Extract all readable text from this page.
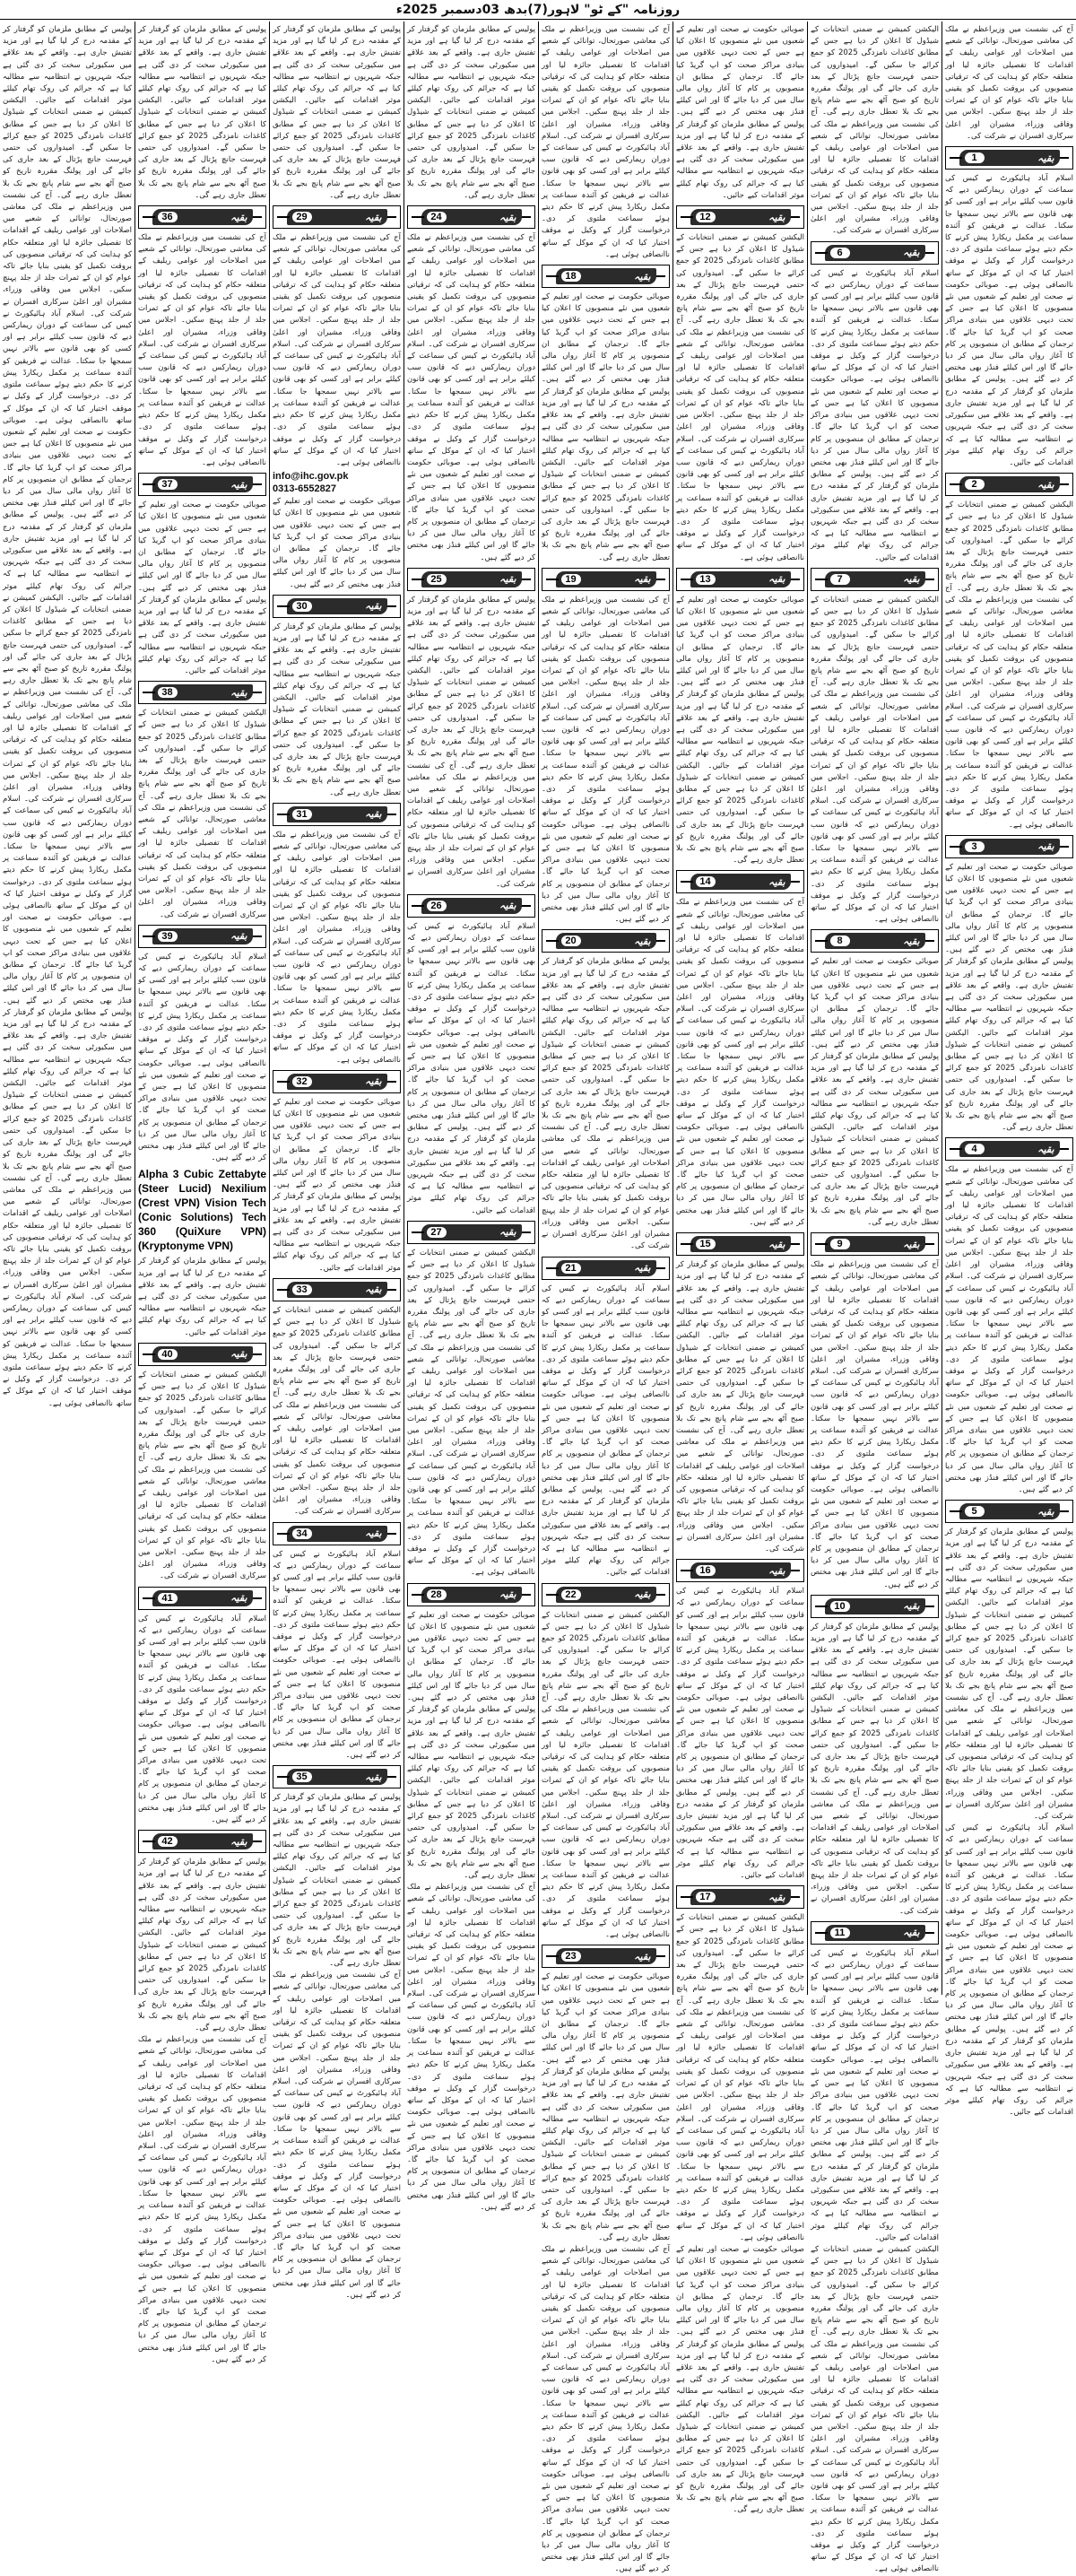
روزنامہ "کے ٹو" لاہور(7)بدھ 03دسمبر 2025ء
آج کی نشست میں وزیراعظم نے ملک کی معاشی صورتحال، توانائی کے شعبے میں اصلاحات اور عوامی ریلیف کے اقدامات کا تفصیلی جائزہ لیا اور متعلقہ حکام کو ہدایت کی کہ ترقیاتی منصوبوں کی بروقت تکمیل کو یقینی بنایا جائے تاکہ عوام کو ان کے ثمرات جلد از جلد پہنچ سکیں۔ اجلاس میں وفاقی وزراء، مشیران اور اعلیٰ سرکاری افسران نے شرکت کی۔
1	بقیہ
اسلام آباد ہائیکورٹ نے کیس کی سماعت کے دوران ریمارکس دیے کہ قانون سب کیلئے برابر ہے اور کسی کو بھی قانون سے بالاتر نہیں سمجھا جا سکتا۔ عدالت نے فریقین کو آئندہ سماعت پر مکمل ریکارڈ پیش کرنے کا حکم دیتے ہوئے سماعت ملتوی کر دی۔ درخواست گزار کے وکیل نے موقف اختیار کیا کہ ان کے موکل کے ساتھ ناانصافی ہوئی ہے۔ صوبائی حکومت نے صحت اور تعلیم کے شعبوں میں نئے منصوبوں کا اعلان کیا ہے جس کے تحت دیہی علاقوں میں بنیادی مراکز صحت کو اپ گریڈ کیا جائے گا۔ ترجمان کے مطابق ان منصوبوں پر کام کا آغاز رواں مالی سال میں کر دیا جائے گا اور اس کیلئے فنڈز بھی مختص کر دیے گئے ہیں۔ پولیس کے مطابق ملزمان کو گرفتار کر کے مقدمہ درج کر لیا گیا ہے اور مزید تفتیش جاری ہے۔ واقعے کے بعد علاقے میں سکیورٹی سخت کر دی گئی ہے جبکہ شہریوں نے انتظامیہ سے مطالبہ کیا ہے کہ جرائم کی روک تھام کیلئے موثر اقدامات کیے جائیں۔
2	بقیہ
الیکشن کمیشن نے ضمنی انتخابات کے شیڈول کا اعلان کر دیا ہے جس کے مطابق کاغذات نامزدگی 2025 کو جمع کرائے جا سکیں گے۔ امیدواروں کی حتمی فہرست جانچ پڑتال کے بعد جاری کی جائے گی اور پولنگ مقررہ تاریخ کو صبح آٹھ بجے سے شام پانچ بجے تک بلا تعطل جاری رہے گی۔ آج کی نشست میں وزیراعظم نے ملک کی معاشی صورتحال، توانائی کے شعبے میں اصلاحات اور عوامی ریلیف کے اقدامات کا تفصیلی جائزہ لیا اور متعلقہ حکام کو ہدایت کی کہ ترقیاتی منصوبوں کی بروقت تکمیل کو یقینی بنایا جائے تاکہ عوام کو ان کے ثمرات جلد از جلد پہنچ سکیں۔ اجلاس میں وفاقی وزراء، مشیران اور اعلیٰ سرکاری افسران نے شرکت کی۔ اسلام آباد ہائیکورٹ نے کیس کی سماعت کے دوران ریمارکس دیے کہ قانون سب کیلئے برابر ہے اور کسی کو بھی قانون سے بالاتر نہیں سمجھا جا سکتا۔ عدالت نے فریقین کو آئندہ سماعت پر مکمل ریکارڈ پیش کرنے کا حکم دیتے ہوئے سماعت ملتوی کر دی۔ درخواست گزار کے وکیل نے موقف اختیار کیا کہ ان کے موکل کے ساتھ ناانصافی ہوئی ہے۔
3	بقیہ
صوبائی حکومت نے صحت اور تعلیم کے شعبوں میں نئے منصوبوں کا اعلان کیا ہے جس کے تحت دیہی علاقوں میں بنیادی مراکز صحت کو اپ گریڈ کیا جائے گا۔ ترجمان کے مطابق ان منصوبوں پر کام کا آغاز رواں مالی سال میں کر دیا جائے گا اور اس کیلئے فنڈز بھی مختص کر دیے گئے ہیں۔ پولیس کے مطابق ملزمان کو گرفتار کر کے مقدمہ درج کر لیا گیا ہے اور مزید تفتیش جاری ہے۔ واقعے کے بعد علاقے میں سکیورٹی سخت کر دی گئی ہے جبکہ شہریوں نے انتظامیہ سے مطالبہ کیا ہے کہ جرائم کی روک تھام کیلئے موثر اقدامات کیے جائیں۔ الیکشن کمیشن نے ضمنی انتخابات کے شیڈول کا اعلان کر دیا ہے جس کے مطابق کاغذات نامزدگی 2025 کو جمع کرائے جا سکیں گے۔ امیدواروں کی حتمی فہرست جانچ پڑتال کے بعد جاری کی جائے گی اور پولنگ مقررہ تاریخ کو صبح آٹھ بجے سے شام پانچ بجے تک بلا تعطل جاری رہے گی۔
4	بقیہ
آج کی نشست میں وزیراعظم نے ملک کی معاشی صورتحال، توانائی کے شعبے میں اصلاحات اور عوامی ریلیف کے اقدامات کا تفصیلی جائزہ لیا اور متعلقہ حکام کو ہدایت کی کہ ترقیاتی منصوبوں کی بروقت تکمیل کو یقینی بنایا جائے تاکہ عوام کو ان کے ثمرات جلد از جلد پہنچ سکیں۔ اجلاس میں وفاقی وزراء، مشیران اور اعلیٰ سرکاری افسران نے شرکت کی۔ اسلام آباد ہائیکورٹ نے کیس کی سماعت کے دوران ریمارکس دیے کہ قانون سب کیلئے برابر ہے اور کسی کو بھی قانون سے بالاتر نہیں سمجھا جا سکتا۔ عدالت نے فریقین کو آئندہ سماعت پر مکمل ریکارڈ پیش کرنے کا حکم دیتے ہوئے سماعت ملتوی کر دی۔ درخواست گزار کے وکیل نے موقف اختیار کیا کہ ان کے موکل کے ساتھ ناانصافی ہوئی ہے۔ صوبائی حکومت نے صحت اور تعلیم کے شعبوں میں نئے منصوبوں کا اعلان کیا ہے جس کے تحت دیہی علاقوں میں بنیادی مراکز صحت کو اپ گریڈ کیا جائے گا۔ ترجمان کے مطابق ان منصوبوں پر کام کا آغاز رواں مالی سال میں کر دیا جائے گا اور اس کیلئے فنڈز بھی مختص کر دیے گئے ہیں۔
5	بقیہ
پولیس کے مطابق ملزمان کو گرفتار کر کے مقدمہ درج کر لیا گیا ہے اور مزید تفتیش جاری ہے۔ واقعے کے بعد علاقے میں سکیورٹی سخت کر دی گئی ہے جبکہ شہریوں نے انتظامیہ سے مطالبہ کیا ہے کہ جرائم کی روک تھام کیلئے موثر اقدامات کیے جائیں۔ الیکشن کمیشن نے ضمنی انتخابات کے شیڈول کا اعلان کر دیا ہے جس کے مطابق کاغذات نامزدگی 2025 کو جمع کرائے جا سکیں گے۔ امیدواروں کی حتمی فہرست جانچ پڑتال کے بعد جاری کی جائے گی اور پولنگ مقررہ تاریخ کو صبح آٹھ بجے سے شام پانچ بجے تک بلا تعطل جاری رہے گی۔ آج کی نشست میں وزیراعظم نے ملک کی معاشی صورتحال، توانائی کے شعبے میں اصلاحات اور عوامی ریلیف کے اقدامات کا تفصیلی جائزہ لیا اور متعلقہ حکام کو ہدایت کی کہ ترقیاتی منصوبوں کی بروقت تکمیل کو یقینی بنایا جائے تاکہ عوام کو ان کے ثمرات جلد از جلد پہنچ سکیں۔ اجلاس میں وفاقی وزراء، مشیران اور اعلیٰ سرکاری افسران نے شرکت کی۔
اسلام آباد ہائیکورٹ نے کیس کی سماعت کے دوران ریمارکس دیے کہ قانون سب کیلئے برابر ہے اور کسی کو بھی قانون سے بالاتر نہیں سمجھا جا سکتا۔ عدالت نے فریقین کو آئندہ سماعت پر مکمل ریکارڈ پیش کرنے کا حکم دیتے ہوئے سماعت ملتوی کر دی۔ درخواست گزار کے وکیل نے موقف اختیار کیا کہ ان کے موکل کے ساتھ ناانصافی ہوئی ہے۔ صوبائی حکومت نے صحت اور تعلیم کے شعبوں میں نئے منصوبوں کا اعلان کیا ہے جس کے تحت دیہی علاقوں میں بنیادی مراکز صحت کو اپ گریڈ کیا جائے گا۔ ترجمان کے مطابق ان منصوبوں پر کام کا آغاز رواں مالی سال میں کر دیا جائے گا اور اس کیلئے فنڈز بھی مختص کر دیے گئے ہیں۔ پولیس کے مطابق ملزمان کو گرفتار کر کے مقدمہ درج کر لیا گیا ہے اور مزید تفتیش جاری ہے۔ واقعے کے بعد علاقے میں سکیورٹی سخت کر دی گئی ہے جبکہ شہریوں نے انتظامیہ سے مطالبہ کیا ہے کہ جرائم کی روک تھام کیلئے موثر اقدامات کیے جائیں۔
الیکشن کمیشن نے ضمنی انتخابات کے شیڈول کا اعلان کر دیا ہے جس کے مطابق کاغذات نامزدگی 2025 کو جمع کرائے جا سکیں گے۔ امیدواروں کی حتمی فہرست جانچ پڑتال کے بعد جاری کی جائے گی اور پولنگ مقررہ تاریخ کو صبح آٹھ بجے سے شام پانچ بجے تک بلا تعطل جاری رہے گی۔ آج کی نشست میں وزیراعظم نے ملک کی معاشی صورتحال، توانائی کے شعبے میں اصلاحات اور عوامی ریلیف کے اقدامات کا تفصیلی جائزہ لیا اور متعلقہ حکام کو ہدایت کی کہ ترقیاتی منصوبوں کی بروقت تکمیل کو یقینی بنایا جائے تاکہ عوام کو ان کے ثمرات جلد از جلد پہنچ سکیں۔ اجلاس میں وفاقی وزراء، مشیران اور اعلیٰ سرکاری افسران نے شرکت کی۔
6	بقیہ
اسلام آباد ہائیکورٹ نے کیس کی سماعت کے دوران ریمارکس دیے کہ قانون سب کیلئے برابر ہے اور کسی کو بھی قانون سے بالاتر نہیں سمجھا جا سکتا۔ عدالت نے فریقین کو آئندہ سماعت پر مکمل ریکارڈ پیش کرنے کا حکم دیتے ہوئے سماعت ملتوی کر دی۔ درخواست گزار کے وکیل نے موقف اختیار کیا کہ ان کے موکل کے ساتھ ناانصافی ہوئی ہے۔ صوبائی حکومت نے صحت اور تعلیم کے شعبوں میں نئے منصوبوں کا اعلان کیا ہے جس کے تحت دیہی علاقوں میں بنیادی مراکز صحت کو اپ گریڈ کیا جائے گا۔ ترجمان کے مطابق ان منصوبوں پر کام کا آغاز رواں مالی سال میں کر دیا جائے گا اور اس کیلئے فنڈز بھی مختص کر دیے گئے ہیں۔ پولیس کے مطابق ملزمان کو گرفتار کر کے مقدمہ درج کر لیا گیا ہے اور مزید تفتیش جاری ہے۔ واقعے کے بعد علاقے میں سکیورٹی سخت کر دی گئی ہے جبکہ شہریوں نے انتظامیہ سے مطالبہ کیا ہے کہ جرائم کی روک تھام کیلئے موثر اقدامات کیے جائیں۔
7	بقیہ
الیکشن کمیشن نے ضمنی انتخابات کے شیڈول کا اعلان کر دیا ہے جس کے مطابق کاغذات نامزدگی 2025 کو جمع کرائے جا سکیں گے۔ امیدواروں کی حتمی فہرست جانچ پڑتال کے بعد جاری کی جائے گی اور پولنگ مقررہ تاریخ کو صبح آٹھ بجے سے شام پانچ بجے تک بلا تعطل جاری رہے گی۔ آج کی نشست میں وزیراعظم نے ملک کی معاشی صورتحال، توانائی کے شعبے میں اصلاحات اور عوامی ریلیف کے اقدامات کا تفصیلی جائزہ لیا اور متعلقہ حکام کو ہدایت کی کہ ترقیاتی منصوبوں کی بروقت تکمیل کو یقینی بنایا جائے تاکہ عوام کو ان کے ثمرات جلد از جلد پہنچ سکیں۔ اجلاس میں وفاقی وزراء، مشیران اور اعلیٰ سرکاری افسران نے شرکت کی۔ اسلام آباد ہائیکورٹ نے کیس کی سماعت کے دوران ریمارکس دیے کہ قانون سب کیلئے برابر ہے اور کسی کو بھی قانون سے بالاتر نہیں سمجھا جا سکتا۔ عدالت نے فریقین کو آئندہ سماعت پر مکمل ریکارڈ پیش کرنے کا حکم دیتے ہوئے سماعت ملتوی کر دی۔ درخواست گزار کے وکیل نے موقف اختیار کیا کہ ان کے موکل کے ساتھ ناانصافی ہوئی ہے۔
8	بقیہ
صوبائی حکومت نے صحت اور تعلیم کے شعبوں میں نئے منصوبوں کا اعلان کیا ہے جس کے تحت دیہی علاقوں میں بنیادی مراکز صحت کو اپ گریڈ کیا جائے گا۔ ترجمان کے مطابق ان منصوبوں پر کام کا آغاز رواں مالی سال میں کر دیا جائے گا اور اس کیلئے فنڈز بھی مختص کر دیے گئے ہیں۔ پولیس کے مطابق ملزمان کو گرفتار کر کے مقدمہ درج کر لیا گیا ہے اور مزید تفتیش جاری ہے۔ واقعے کے بعد علاقے میں سکیورٹی سخت کر دی گئی ہے جبکہ شہریوں نے انتظامیہ سے مطالبہ کیا ہے کہ جرائم کی روک تھام کیلئے موثر اقدامات کیے جائیں۔ الیکشن کمیشن نے ضمنی انتخابات کے شیڈول کا اعلان کر دیا ہے جس کے مطابق کاغذات نامزدگی 2025 کو جمع کرائے جا سکیں گے۔ امیدواروں کی حتمی فہرست جانچ پڑتال کے بعد جاری کی جائے گی اور پولنگ مقررہ تاریخ کو صبح آٹھ بجے سے شام پانچ بجے تک بلا تعطل جاری رہے گی۔
9	بقیہ
آج کی نشست میں وزیراعظم نے ملک کی معاشی صورتحال، توانائی کے شعبے میں اصلاحات اور عوامی ریلیف کے اقدامات کا تفصیلی جائزہ لیا اور متعلقہ حکام کو ہدایت کی کہ ترقیاتی منصوبوں کی بروقت تکمیل کو یقینی بنایا جائے تاکہ عوام کو ان کے ثمرات جلد از جلد پہنچ سکیں۔ اجلاس میں وفاقی وزراء، مشیران اور اعلیٰ سرکاری افسران نے شرکت کی۔ اسلام آباد ہائیکورٹ نے کیس کی سماعت کے دوران ریمارکس دیے کہ قانون سب کیلئے برابر ہے اور کسی کو بھی قانون سے بالاتر نہیں سمجھا جا سکتا۔ عدالت نے فریقین کو آئندہ سماعت پر مکمل ریکارڈ پیش کرنے کا حکم دیتے ہوئے سماعت ملتوی کر دی۔ درخواست گزار کے وکیل نے موقف اختیار کیا کہ ان کے موکل کے ساتھ ناانصافی ہوئی ہے۔ صوبائی حکومت نے صحت اور تعلیم کے شعبوں میں نئے منصوبوں کا اعلان کیا ہے جس کے تحت دیہی علاقوں میں بنیادی مراکز صحت کو اپ گریڈ کیا جائے گا۔ ترجمان کے مطابق ان منصوبوں پر کام کا آغاز رواں مالی سال میں کر دیا جائے گا اور اس کیلئے فنڈز بھی مختص کر دیے گئے ہیں۔
10	بقیہ
پولیس کے مطابق ملزمان کو گرفتار کر کے مقدمہ درج کر لیا گیا ہے اور مزید تفتیش جاری ہے۔ واقعے کے بعد علاقے میں سکیورٹی سخت کر دی گئی ہے جبکہ شہریوں نے انتظامیہ سے مطالبہ کیا ہے کہ جرائم کی روک تھام کیلئے موثر اقدامات کیے جائیں۔ الیکشن کمیشن نے ضمنی انتخابات کے شیڈول کا اعلان کر دیا ہے جس کے مطابق کاغذات نامزدگی 2025 کو جمع کرائے جا سکیں گے۔ امیدواروں کی حتمی فہرست جانچ پڑتال کے بعد جاری کی جائے گی اور پولنگ مقررہ تاریخ کو صبح آٹھ بجے سے شام پانچ بجے تک بلا تعطل جاری رہے گی۔ آج کی نشست میں وزیراعظم نے ملک کی معاشی صورتحال، توانائی کے شعبے میں اصلاحات اور عوامی ریلیف کے اقدامات کا تفصیلی جائزہ لیا اور متعلقہ حکام کو ہدایت کی کہ ترقیاتی منصوبوں کی بروقت تکمیل کو یقینی بنایا جائے تاکہ عوام کو ان کے ثمرات جلد از جلد پہنچ سکیں۔ اجلاس میں وفاقی وزراء، مشیران اور اعلیٰ سرکاری افسران نے شرکت کی۔
11	بقیہ
اسلام آباد ہائیکورٹ نے کیس کی سماعت کے دوران ریمارکس دیے کہ قانون سب کیلئے برابر ہے اور کسی کو بھی قانون سے بالاتر نہیں سمجھا جا سکتا۔ عدالت نے فریقین کو آئندہ سماعت پر مکمل ریکارڈ پیش کرنے کا حکم دیتے ہوئے سماعت ملتوی کر دی۔ درخواست گزار کے وکیل نے موقف اختیار کیا کہ ان کے موکل کے ساتھ ناانصافی ہوئی ہے۔ صوبائی حکومت نے صحت اور تعلیم کے شعبوں میں نئے منصوبوں کا اعلان کیا ہے جس کے تحت دیہی علاقوں میں بنیادی مراکز صحت کو اپ گریڈ کیا جائے گا۔ ترجمان کے مطابق ان منصوبوں پر کام کا آغاز رواں مالی سال میں کر دیا جائے گا اور اس کیلئے فنڈز بھی مختص کر دیے گئے ہیں۔ پولیس کے مطابق ملزمان کو گرفتار کر کے مقدمہ درج کر لیا گیا ہے اور مزید تفتیش جاری ہے۔ واقعے کے بعد علاقے میں سکیورٹی سخت کر دی گئی ہے جبکہ شہریوں نے انتظامیہ سے مطالبہ کیا ہے کہ جرائم کی روک تھام کیلئے موثر اقدامات کیے جائیں۔
الیکشن کمیشن نے ضمنی انتخابات کے شیڈول کا اعلان کر دیا ہے جس کے مطابق کاغذات نامزدگی 2025 کو جمع کرائے جا سکیں گے۔ امیدواروں کی حتمی فہرست جانچ پڑتال کے بعد جاری کی جائے گی اور پولنگ مقررہ تاریخ کو صبح آٹھ بجے سے شام پانچ بجے تک بلا تعطل جاری رہے گی۔ آج کی نشست میں وزیراعظم نے ملک کی معاشی صورتحال، توانائی کے شعبے میں اصلاحات اور عوامی ریلیف کے اقدامات کا تفصیلی جائزہ لیا اور متعلقہ حکام کو ہدایت کی کہ ترقیاتی منصوبوں کی بروقت تکمیل کو یقینی بنایا جائے تاکہ عوام کو ان کے ثمرات جلد از جلد پہنچ سکیں۔ اجلاس میں وفاقی وزراء، مشیران اور اعلیٰ سرکاری افسران نے شرکت کی۔ اسلام آباد ہائیکورٹ نے کیس کی سماعت کے دوران ریمارکس دیے کہ قانون سب کیلئے برابر ہے اور کسی کو بھی قانون سے بالاتر نہیں سمجھا جا سکتا۔ عدالت نے فریقین کو آئندہ سماعت پر مکمل ریکارڈ پیش کرنے کا حکم دیتے ہوئے سماعت ملتوی کر دی۔ درخواست گزار کے وکیل نے موقف اختیار کیا کہ ان کے موکل کے ساتھ ناانصافی ہوئی ہے۔
صوبائی حکومت نے صحت اور تعلیم کے شعبوں میں نئے منصوبوں کا اعلان کیا ہے جس کے تحت دیہی علاقوں میں بنیادی مراکز صحت کو اپ گریڈ کیا جائے گا۔ ترجمان کے مطابق ان منصوبوں پر کام کا آغاز رواں مالی سال میں کر دیا جائے گا اور اس کیلئے فنڈز بھی مختص کر دیے گئے ہیں۔ پولیس کے مطابق ملزمان کو گرفتار کر کے مقدمہ درج کر لیا گیا ہے اور مزید تفتیش جاری ہے۔ واقعے کے بعد علاقے میں سکیورٹی سخت کر دی گئی ہے جبکہ شہریوں نے انتظامیہ سے مطالبہ کیا ہے کہ جرائم کی روک تھام کیلئے موثر اقدامات کیے جائیں۔
12	بقیہ
الیکشن کمیشن نے ضمنی انتخابات کے شیڈول کا اعلان کر دیا ہے جس کے مطابق کاغذات نامزدگی 2025 کو جمع کرائے جا سکیں گے۔ امیدواروں کی حتمی فہرست جانچ پڑتال کے بعد جاری کی جائے گی اور پولنگ مقررہ تاریخ کو صبح آٹھ بجے سے شام پانچ بجے تک بلا تعطل جاری رہے گی۔ آج کی نشست میں وزیراعظم نے ملک کی معاشی صورتحال، توانائی کے شعبے میں اصلاحات اور عوامی ریلیف کے اقدامات کا تفصیلی جائزہ لیا اور متعلقہ حکام کو ہدایت کی کہ ترقیاتی منصوبوں کی بروقت تکمیل کو یقینی بنایا جائے تاکہ عوام کو ان کے ثمرات جلد از جلد پہنچ سکیں۔ اجلاس میں وفاقی وزراء، مشیران اور اعلیٰ سرکاری افسران نے شرکت کی۔ اسلام آباد ہائیکورٹ نے کیس کی سماعت کے دوران ریمارکس دیے کہ قانون سب کیلئے برابر ہے اور کسی کو بھی قانون سے بالاتر نہیں سمجھا جا سکتا۔ عدالت نے فریقین کو آئندہ سماعت پر مکمل ریکارڈ پیش کرنے کا حکم دیتے ہوئے سماعت ملتوی کر دی۔ درخواست گزار کے وکیل نے موقف اختیار کیا کہ ان کے موکل کے ساتھ ناانصافی ہوئی ہے۔
13	بقیہ
صوبائی حکومت نے صحت اور تعلیم کے شعبوں میں نئے منصوبوں کا اعلان کیا ہے جس کے تحت دیہی علاقوں میں بنیادی مراکز صحت کو اپ گریڈ کیا جائے گا۔ ترجمان کے مطابق ان منصوبوں پر کام کا آغاز رواں مالی سال میں کر دیا جائے گا اور اس کیلئے فنڈز بھی مختص کر دیے گئے ہیں۔ پولیس کے مطابق ملزمان کو گرفتار کر کے مقدمہ درج کر لیا گیا ہے اور مزید تفتیش جاری ہے۔ واقعے کے بعد علاقے میں سکیورٹی سخت کر دی گئی ہے جبکہ شہریوں نے انتظامیہ سے مطالبہ کیا ہے کہ جرائم کی روک تھام کیلئے موثر اقدامات کیے جائیں۔ الیکشن کمیشن نے ضمنی انتخابات کے شیڈول کا اعلان کر دیا ہے جس کے مطابق کاغذات نامزدگی 2025 کو جمع کرائے جا سکیں گے۔ امیدواروں کی حتمی فہرست جانچ پڑتال کے بعد جاری کی جائے گی اور پولنگ مقررہ تاریخ کو صبح آٹھ بجے سے شام پانچ بجے تک بلا تعطل جاری رہے گی۔
14	بقیہ
آج کی نشست میں وزیراعظم نے ملک کی معاشی صورتحال، توانائی کے شعبے میں اصلاحات اور عوامی ریلیف کے اقدامات کا تفصیلی جائزہ لیا اور متعلقہ حکام کو ہدایت کی کہ ترقیاتی منصوبوں کی بروقت تکمیل کو یقینی بنایا جائے تاکہ عوام کو ان کے ثمرات جلد از جلد پہنچ سکیں۔ اجلاس میں وفاقی وزراء، مشیران اور اعلیٰ سرکاری افسران نے شرکت کی۔ اسلام آباد ہائیکورٹ نے کیس کی سماعت کے دوران ریمارکس دیے کہ قانون سب کیلئے برابر ہے اور کسی کو بھی قانون سے بالاتر نہیں سمجھا جا سکتا۔ عدالت نے فریقین کو آئندہ سماعت پر مکمل ریکارڈ پیش کرنے کا حکم دیتے ہوئے سماعت ملتوی کر دی۔ درخواست گزار کے وکیل نے موقف اختیار کیا کہ ان کے موکل کے ساتھ ناانصافی ہوئی ہے۔ صوبائی حکومت نے صحت اور تعلیم کے شعبوں میں نئے منصوبوں کا اعلان کیا ہے جس کے تحت دیہی علاقوں میں بنیادی مراکز صحت کو اپ گریڈ کیا جائے گا۔ ترجمان کے مطابق ان منصوبوں پر کام کا آغاز رواں مالی سال میں کر دیا جائے گا اور اس کیلئے فنڈز بھی مختص کر دیے گئے ہیں۔
15	بقیہ
پولیس کے مطابق ملزمان کو گرفتار کر کے مقدمہ درج کر لیا گیا ہے اور مزید تفتیش جاری ہے۔ واقعے کے بعد علاقے میں سکیورٹی سخت کر دی گئی ہے جبکہ شہریوں نے انتظامیہ سے مطالبہ کیا ہے کہ جرائم کی روک تھام کیلئے موثر اقدامات کیے جائیں۔ الیکشن کمیشن نے ضمنی انتخابات کے شیڈول کا اعلان کر دیا ہے جس کے مطابق کاغذات نامزدگی 2025 کو جمع کرائے جا سکیں گے۔ امیدواروں کی حتمی فہرست جانچ پڑتال کے بعد جاری کی جائے گی اور پولنگ مقررہ تاریخ کو صبح آٹھ بجے سے شام پانچ بجے تک بلا تعطل جاری رہے گی۔ آج کی نشست میں وزیراعظم نے ملک کی معاشی صورتحال، توانائی کے شعبے میں اصلاحات اور عوامی ریلیف کے اقدامات کا تفصیلی جائزہ لیا اور متعلقہ حکام کو ہدایت کی کہ ترقیاتی منصوبوں کی بروقت تکمیل کو یقینی بنایا جائے تاکہ عوام کو ان کے ثمرات جلد از جلد پہنچ سکیں۔ اجلاس میں وفاقی وزراء، مشیران اور اعلیٰ سرکاری افسران نے شرکت کی۔
16	بقیہ
اسلام آباد ہائیکورٹ نے کیس کی سماعت کے دوران ریمارکس دیے کہ قانون سب کیلئے برابر ہے اور کسی کو بھی قانون سے بالاتر نہیں سمجھا جا سکتا۔ عدالت نے فریقین کو آئندہ سماعت پر مکمل ریکارڈ پیش کرنے کا حکم دیتے ہوئے سماعت ملتوی کر دی۔ درخواست گزار کے وکیل نے موقف اختیار کیا کہ ان کے موکل کے ساتھ ناانصافی ہوئی ہے۔ صوبائی حکومت نے صحت اور تعلیم کے شعبوں میں نئے منصوبوں کا اعلان کیا ہے جس کے تحت دیہی علاقوں میں بنیادی مراکز صحت کو اپ گریڈ کیا جائے گا۔ ترجمان کے مطابق ان منصوبوں پر کام کا آغاز رواں مالی سال میں کر دیا جائے گا اور اس کیلئے فنڈز بھی مختص کر دیے گئے ہیں۔ پولیس کے مطابق ملزمان کو گرفتار کر کے مقدمہ درج کر لیا گیا ہے اور مزید تفتیش جاری ہے۔ واقعے کے بعد علاقے میں سکیورٹی سخت کر دی گئی ہے جبکہ شہریوں نے انتظامیہ سے مطالبہ کیا ہے کہ جرائم کی روک تھام کیلئے موثر اقدامات کیے جائیں۔
17	بقیہ
الیکشن کمیشن نے ضمنی انتخابات کے شیڈول کا اعلان کر دیا ہے جس کے مطابق کاغذات نامزدگی 2025 کو جمع کرائے جا سکیں گے۔ امیدواروں کی حتمی فہرست جانچ پڑتال کے بعد جاری کی جائے گی اور پولنگ مقررہ تاریخ کو صبح آٹھ بجے سے شام پانچ بجے تک بلا تعطل جاری رہے گی۔ آج کی نشست میں وزیراعظم نے ملک کی معاشی صورتحال، توانائی کے شعبے میں اصلاحات اور عوامی ریلیف کے اقدامات کا تفصیلی جائزہ لیا اور متعلقہ حکام کو ہدایت کی کہ ترقیاتی منصوبوں کی بروقت تکمیل کو یقینی بنایا جائے تاکہ عوام کو ان کے ثمرات جلد از جلد پہنچ سکیں۔ اجلاس میں وفاقی وزراء، مشیران اور اعلیٰ سرکاری افسران نے شرکت کی۔ اسلام آباد ہائیکورٹ نے کیس کی سماعت کے دوران ریمارکس دیے کہ قانون سب کیلئے برابر ہے اور کسی کو بھی قانون سے بالاتر نہیں سمجھا جا سکتا۔ عدالت نے فریقین کو آئندہ سماعت پر مکمل ریکارڈ پیش کرنے کا حکم دیتے ہوئے سماعت ملتوی کر دی۔ درخواست گزار کے وکیل نے موقف اختیار کیا کہ ان کے موکل کے ساتھ ناانصافی ہوئی ہے۔
صوبائی حکومت نے صحت اور تعلیم کے شعبوں میں نئے منصوبوں کا اعلان کیا ہے جس کے تحت دیہی علاقوں میں بنیادی مراکز صحت کو اپ گریڈ کیا جائے گا۔ ترجمان کے مطابق ان منصوبوں پر کام کا آغاز رواں مالی سال میں کر دیا جائے گا اور اس کیلئے فنڈز بھی مختص کر دیے گئے ہیں۔ پولیس کے مطابق ملزمان کو گرفتار کر کے مقدمہ درج کر لیا گیا ہے اور مزید تفتیش جاری ہے۔ واقعے کے بعد علاقے میں سکیورٹی سخت کر دی گئی ہے جبکہ شہریوں نے انتظامیہ سے مطالبہ کیا ہے کہ جرائم کی روک تھام کیلئے موثر اقدامات کیے جائیں۔ الیکشن کمیشن نے ضمنی انتخابات کے شیڈول کا اعلان کر دیا ہے جس کے مطابق کاغذات نامزدگی 2025 کو جمع کرائے جا سکیں گے۔ امیدواروں کی حتمی فہرست جانچ پڑتال کے بعد جاری کی جائے گی اور پولنگ مقررہ تاریخ کو صبح آٹھ بجے سے شام پانچ بجے تک بلا تعطل جاری رہے گی۔
آج کی نشست میں وزیراعظم نے ملک کی معاشی صورتحال، توانائی کے شعبے میں اصلاحات اور عوامی ریلیف کے اقدامات کا تفصیلی جائزہ لیا اور متعلقہ حکام کو ہدایت کی کہ ترقیاتی منصوبوں کی بروقت تکمیل کو یقینی بنایا جائے تاکہ عوام کو ان کے ثمرات جلد از جلد پہنچ سکیں۔ اجلاس میں وفاقی وزراء، مشیران اور اعلیٰ سرکاری افسران نے شرکت کی۔ اسلام آباد ہائیکورٹ نے کیس کی سماعت کے دوران ریمارکس دیے کہ قانون سب کیلئے برابر ہے اور کسی کو بھی قانون سے بالاتر نہیں سمجھا جا سکتا۔ عدالت نے فریقین کو آئندہ سماعت پر مکمل ریکارڈ پیش کرنے کا حکم دیتے ہوئے سماعت ملتوی کر دی۔ درخواست گزار کے وکیل نے موقف اختیار کیا کہ ان کے موکل کے ساتھ ناانصافی ہوئی ہے۔
18	بقیہ
صوبائی حکومت نے صحت اور تعلیم کے شعبوں میں نئے منصوبوں کا اعلان کیا ہے جس کے تحت دیہی علاقوں میں بنیادی مراکز صحت کو اپ گریڈ کیا جائے گا۔ ترجمان کے مطابق ان منصوبوں پر کام کا آغاز رواں مالی سال میں کر دیا جائے گا اور اس کیلئے فنڈز بھی مختص کر دیے گئے ہیں۔ پولیس کے مطابق ملزمان کو گرفتار کر کے مقدمہ درج کر لیا گیا ہے اور مزید تفتیش جاری ہے۔ واقعے کے بعد علاقے میں سکیورٹی سخت کر دی گئی ہے جبکہ شہریوں نے انتظامیہ سے مطالبہ کیا ہے کہ جرائم کی روک تھام کیلئے موثر اقدامات کیے جائیں۔ الیکشن کمیشن نے ضمنی انتخابات کے شیڈول کا اعلان کر دیا ہے جس کے مطابق کاغذات نامزدگی 2025 کو جمع کرائے جا سکیں گے۔ امیدواروں کی حتمی فہرست جانچ پڑتال کے بعد جاری کی جائے گی اور پولنگ مقررہ تاریخ کو صبح آٹھ بجے سے شام پانچ بجے تک بلا تعطل جاری رہے گی۔
19	بقیہ
آج کی نشست میں وزیراعظم نے ملک کی معاشی صورتحال، توانائی کے شعبے میں اصلاحات اور عوامی ریلیف کے اقدامات کا تفصیلی جائزہ لیا اور متعلقہ حکام کو ہدایت کی کہ ترقیاتی منصوبوں کی بروقت تکمیل کو یقینی بنایا جائے تاکہ عوام کو ان کے ثمرات جلد از جلد پہنچ سکیں۔ اجلاس میں وفاقی وزراء، مشیران اور اعلیٰ سرکاری افسران نے شرکت کی۔ اسلام آباد ہائیکورٹ نے کیس کی سماعت کے دوران ریمارکس دیے کہ قانون سب کیلئے برابر ہے اور کسی کو بھی قانون سے بالاتر نہیں سمجھا جا سکتا۔ عدالت نے فریقین کو آئندہ سماعت پر مکمل ریکارڈ پیش کرنے کا حکم دیتے ہوئے سماعت ملتوی کر دی۔ درخواست گزار کے وکیل نے موقف اختیار کیا کہ ان کے موکل کے ساتھ ناانصافی ہوئی ہے۔ صوبائی حکومت نے صحت اور تعلیم کے شعبوں میں نئے منصوبوں کا اعلان کیا ہے جس کے تحت دیہی علاقوں میں بنیادی مراکز صحت کو اپ گریڈ کیا جائے گا۔ ترجمان کے مطابق ان منصوبوں پر کام کا آغاز رواں مالی سال میں کر دیا جائے گا اور اس کیلئے فنڈز بھی مختص کر دیے گئے ہیں۔
20	بقیہ
پولیس کے مطابق ملزمان کو گرفتار کر کے مقدمہ درج کر لیا گیا ہے اور مزید تفتیش جاری ہے۔ واقعے کے بعد علاقے میں سکیورٹی سخت کر دی گئی ہے جبکہ شہریوں نے انتظامیہ سے مطالبہ کیا ہے کہ جرائم کی روک تھام کیلئے موثر اقدامات کیے جائیں۔ الیکشن کمیشن نے ضمنی انتخابات کے شیڈول کا اعلان کر دیا ہے جس کے مطابق کاغذات نامزدگی 2025 کو جمع کرائے جا سکیں گے۔ امیدواروں کی حتمی فہرست جانچ پڑتال کے بعد جاری کی جائے گی اور پولنگ مقررہ تاریخ کو صبح آٹھ بجے سے شام پانچ بجے تک بلا تعطل جاری رہے گی۔ آج کی نشست میں وزیراعظم نے ملک کی معاشی صورتحال، توانائی کے شعبے میں اصلاحات اور عوامی ریلیف کے اقدامات کا تفصیلی جائزہ لیا اور متعلقہ حکام کو ہدایت کی کہ ترقیاتی منصوبوں کی بروقت تکمیل کو یقینی بنایا جائے تاکہ عوام کو ان کے ثمرات جلد از جلد پہنچ سکیں۔ اجلاس میں وفاقی وزراء، مشیران اور اعلیٰ سرکاری افسران نے شرکت کی۔
21	بقیہ
اسلام آباد ہائیکورٹ نے کیس کی سماعت کے دوران ریمارکس دیے کہ قانون سب کیلئے برابر ہے اور کسی کو بھی قانون سے بالاتر نہیں سمجھا جا سکتا۔ عدالت نے فریقین کو آئندہ سماعت پر مکمل ریکارڈ پیش کرنے کا حکم دیتے ہوئے سماعت ملتوی کر دی۔ درخواست گزار کے وکیل نے موقف اختیار کیا کہ ان کے موکل کے ساتھ ناانصافی ہوئی ہے۔ صوبائی حکومت نے صحت اور تعلیم کے شعبوں میں نئے منصوبوں کا اعلان کیا ہے جس کے تحت دیہی علاقوں میں بنیادی مراکز صحت کو اپ گریڈ کیا جائے گا۔ ترجمان کے مطابق ان منصوبوں پر کام کا آغاز رواں مالی سال میں کر دیا جائے گا اور اس کیلئے فنڈز بھی مختص کر دیے گئے ہیں۔ پولیس کے مطابق ملزمان کو گرفتار کر کے مقدمہ درج کر لیا گیا ہے اور مزید تفتیش جاری ہے۔ واقعے کے بعد علاقے میں سکیورٹی سخت کر دی گئی ہے جبکہ شہریوں نے انتظامیہ سے مطالبہ کیا ہے کہ جرائم کی روک تھام کیلئے موثر اقدامات کیے جائیں۔
22	بقیہ
الیکشن کمیشن نے ضمنی انتخابات کے شیڈول کا اعلان کر دیا ہے جس کے مطابق کاغذات نامزدگی 2025 کو جمع کرائے جا سکیں گے۔ امیدواروں کی حتمی فہرست جانچ پڑتال کے بعد جاری کی جائے گی اور پولنگ مقررہ تاریخ کو صبح آٹھ بجے سے شام پانچ بجے تک بلا تعطل جاری رہے گی۔ آج کی نشست میں وزیراعظم نے ملک کی معاشی صورتحال، توانائی کے شعبے میں اصلاحات اور عوامی ریلیف کے اقدامات کا تفصیلی جائزہ لیا اور متعلقہ حکام کو ہدایت کی کہ ترقیاتی منصوبوں کی بروقت تکمیل کو یقینی بنایا جائے تاکہ عوام کو ان کے ثمرات جلد از جلد پہنچ سکیں۔ اجلاس میں وفاقی وزراء، مشیران اور اعلیٰ سرکاری افسران نے شرکت کی۔ اسلام آباد ہائیکورٹ نے کیس کی سماعت کے دوران ریمارکس دیے کہ قانون سب کیلئے برابر ہے اور کسی کو بھی قانون سے بالاتر نہیں سمجھا جا سکتا۔ عدالت نے فریقین کو آئندہ سماعت پر مکمل ریکارڈ پیش کرنے کا حکم دیتے ہوئے سماعت ملتوی کر دی۔ درخواست گزار کے وکیل نے موقف اختیار کیا کہ ان کے موکل کے ساتھ ناانصافی ہوئی ہے۔
23	بقیہ
صوبائی حکومت نے صحت اور تعلیم کے شعبوں میں نئے منصوبوں کا اعلان کیا ہے جس کے تحت دیہی علاقوں میں بنیادی مراکز صحت کو اپ گریڈ کیا جائے گا۔ ترجمان کے مطابق ان منصوبوں پر کام کا آغاز رواں مالی سال میں کر دیا جائے گا اور اس کیلئے فنڈز بھی مختص کر دیے گئے ہیں۔ پولیس کے مطابق ملزمان کو گرفتار کر کے مقدمہ درج کر لیا گیا ہے اور مزید تفتیش جاری ہے۔ واقعے کے بعد علاقے میں سکیورٹی سخت کر دی گئی ہے جبکہ شہریوں نے انتظامیہ سے مطالبہ کیا ہے کہ جرائم کی روک تھام کیلئے موثر اقدامات کیے جائیں۔ الیکشن کمیشن نے ضمنی انتخابات کے شیڈول کا اعلان کر دیا ہے جس کے مطابق کاغذات نامزدگی 2025 کو جمع کرائے جا سکیں گے۔ امیدواروں کی حتمی فہرست جانچ پڑتال کے بعد جاری کی جائے گی اور پولنگ مقررہ تاریخ کو صبح آٹھ بجے سے شام پانچ بجے تک بلا تعطل جاری رہے گی۔
آج کی نشست میں وزیراعظم نے ملک کی معاشی صورتحال، توانائی کے شعبے میں اصلاحات اور عوامی ریلیف کے اقدامات کا تفصیلی جائزہ لیا اور متعلقہ حکام کو ہدایت کی کہ ترقیاتی منصوبوں کی بروقت تکمیل کو یقینی بنایا جائے تاکہ عوام کو ان کے ثمرات جلد از جلد پہنچ سکیں۔ اجلاس میں وفاقی وزراء، مشیران اور اعلیٰ سرکاری افسران نے شرکت کی۔ اسلام آباد ہائیکورٹ نے کیس کی سماعت کے دوران ریمارکس دیے کہ قانون سب کیلئے برابر ہے اور کسی کو بھی قانون سے بالاتر نہیں سمجھا جا سکتا۔ عدالت نے فریقین کو آئندہ سماعت پر مکمل ریکارڈ پیش کرنے کا حکم دیتے ہوئے سماعت ملتوی کر دی۔ درخواست گزار کے وکیل نے موقف اختیار کیا کہ ان کے موکل کے ساتھ ناانصافی ہوئی ہے۔ صوبائی حکومت نے صحت اور تعلیم کے شعبوں میں نئے منصوبوں کا اعلان کیا ہے جس کے تحت دیہی علاقوں میں بنیادی مراکز صحت کو اپ گریڈ کیا جائے گا۔ ترجمان کے مطابق ان منصوبوں پر کام کا آغاز رواں مالی سال میں کر دیا جائے گا اور اس کیلئے فنڈز بھی مختص کر دیے گئے ہیں۔
پولیس کے مطابق ملزمان کو گرفتار کر کے مقدمہ درج کر لیا گیا ہے اور مزید تفتیش جاری ہے۔ واقعے کے بعد علاقے میں سکیورٹی سخت کر دی گئی ہے جبکہ شہریوں نے انتظامیہ سے مطالبہ کیا ہے کہ جرائم کی روک تھام کیلئے موثر اقدامات کیے جائیں۔ الیکشن کمیشن نے ضمنی انتخابات کے شیڈول کا اعلان کر دیا ہے جس کے مطابق کاغذات نامزدگی 2025 کو جمع کرائے جا سکیں گے۔ امیدواروں کی حتمی فہرست جانچ پڑتال کے بعد جاری کی جائے گی اور پولنگ مقررہ تاریخ کو صبح آٹھ بجے سے شام پانچ بجے تک بلا تعطل جاری رہے گی۔
24	بقیہ
آج کی نشست میں وزیراعظم نے ملک کی معاشی صورتحال، توانائی کے شعبے میں اصلاحات اور عوامی ریلیف کے اقدامات کا تفصیلی جائزہ لیا اور متعلقہ حکام کو ہدایت کی کہ ترقیاتی منصوبوں کی بروقت تکمیل کو یقینی بنایا جائے تاکہ عوام کو ان کے ثمرات جلد از جلد پہنچ سکیں۔ اجلاس میں وفاقی وزراء، مشیران اور اعلیٰ سرکاری افسران نے شرکت کی۔ اسلام آباد ہائیکورٹ نے کیس کی سماعت کے دوران ریمارکس دیے کہ قانون سب کیلئے برابر ہے اور کسی کو بھی قانون سے بالاتر نہیں سمجھا جا سکتا۔ عدالت نے فریقین کو آئندہ سماعت پر مکمل ریکارڈ پیش کرنے کا حکم دیتے ہوئے سماعت ملتوی کر دی۔ درخواست گزار کے وکیل نے موقف اختیار کیا کہ ان کے موکل کے ساتھ ناانصافی ہوئی ہے۔ صوبائی حکومت نے صحت اور تعلیم کے شعبوں میں نئے منصوبوں کا اعلان کیا ہے جس کے تحت دیہی علاقوں میں بنیادی مراکز صحت کو اپ گریڈ کیا جائے گا۔ ترجمان کے مطابق ان منصوبوں پر کام کا آغاز رواں مالی سال میں کر دیا جائے گا اور اس کیلئے فنڈز بھی مختص کر دیے گئے ہیں۔
25	بقیہ
پولیس کے مطابق ملزمان کو گرفتار کر کے مقدمہ درج کر لیا گیا ہے اور مزید تفتیش جاری ہے۔ واقعے کے بعد علاقے میں سکیورٹی سخت کر دی گئی ہے جبکہ شہریوں نے انتظامیہ سے مطالبہ کیا ہے کہ جرائم کی روک تھام کیلئے موثر اقدامات کیے جائیں۔ الیکشن کمیشن نے ضمنی انتخابات کے شیڈول کا اعلان کر دیا ہے جس کے مطابق کاغذات نامزدگی 2025 کو جمع کرائے جا سکیں گے۔ امیدواروں کی حتمی فہرست جانچ پڑتال کے بعد جاری کی جائے گی اور پولنگ مقررہ تاریخ کو صبح آٹھ بجے سے شام پانچ بجے تک بلا تعطل جاری رہے گی۔ آج کی نشست میں وزیراعظم نے ملک کی معاشی صورتحال، توانائی کے شعبے میں اصلاحات اور عوامی ریلیف کے اقدامات کا تفصیلی جائزہ لیا اور متعلقہ حکام کو ہدایت کی کہ ترقیاتی منصوبوں کی بروقت تکمیل کو یقینی بنایا جائے تاکہ عوام کو ان کے ثمرات جلد از جلد پہنچ سکیں۔ اجلاس میں وفاقی وزراء، مشیران اور اعلیٰ سرکاری افسران نے شرکت کی۔
26	بقیہ
اسلام آباد ہائیکورٹ نے کیس کی سماعت کے دوران ریمارکس دیے کہ قانون سب کیلئے برابر ہے اور کسی کو بھی قانون سے بالاتر نہیں سمجھا جا سکتا۔ عدالت نے فریقین کو آئندہ سماعت پر مکمل ریکارڈ پیش کرنے کا حکم دیتے ہوئے سماعت ملتوی کر دی۔ درخواست گزار کے وکیل نے موقف اختیار کیا کہ ان کے موکل کے ساتھ ناانصافی ہوئی ہے۔ صوبائی حکومت نے صحت اور تعلیم کے شعبوں میں نئے منصوبوں کا اعلان کیا ہے جس کے تحت دیہی علاقوں میں بنیادی مراکز صحت کو اپ گریڈ کیا جائے گا۔ ترجمان کے مطابق ان منصوبوں پر کام کا آغاز رواں مالی سال میں کر دیا جائے گا اور اس کیلئے فنڈز بھی مختص کر دیے گئے ہیں۔ پولیس کے مطابق ملزمان کو گرفتار کر کے مقدمہ درج کر لیا گیا ہے اور مزید تفتیش جاری ہے۔ واقعے کے بعد علاقے میں سکیورٹی سخت کر دی گئی ہے جبکہ شہریوں نے انتظامیہ سے مطالبہ کیا ہے کہ جرائم کی روک تھام کیلئے موثر اقدامات کیے جائیں۔
27	بقیہ
الیکشن کمیشن نے ضمنی انتخابات کے شیڈول کا اعلان کر دیا ہے جس کے مطابق کاغذات نامزدگی 2025 کو جمع کرائے جا سکیں گے۔ امیدواروں کی حتمی فہرست جانچ پڑتال کے بعد جاری کی جائے گی اور پولنگ مقررہ تاریخ کو صبح آٹھ بجے سے شام پانچ بجے تک بلا تعطل جاری رہے گی۔ آج کی نشست میں وزیراعظم نے ملک کی معاشی صورتحال، توانائی کے شعبے میں اصلاحات اور عوامی ریلیف کے اقدامات کا تفصیلی جائزہ لیا اور متعلقہ حکام کو ہدایت کی کہ ترقیاتی منصوبوں کی بروقت تکمیل کو یقینی بنایا جائے تاکہ عوام کو ان کے ثمرات جلد از جلد پہنچ سکیں۔ اجلاس میں وفاقی وزراء، مشیران اور اعلیٰ سرکاری افسران نے شرکت کی۔ اسلام آباد ہائیکورٹ نے کیس کی سماعت کے دوران ریمارکس دیے کہ قانون سب کیلئے برابر ہے اور کسی کو بھی قانون سے بالاتر نہیں سمجھا جا سکتا۔ عدالت نے فریقین کو آئندہ سماعت پر مکمل ریکارڈ پیش کرنے کا حکم دیتے ہوئے سماعت ملتوی کر دی۔ درخواست گزار کے وکیل نے موقف اختیار کیا کہ ان کے موکل کے ساتھ ناانصافی ہوئی ہے۔
28	بقیہ
صوبائی حکومت نے صحت اور تعلیم کے شعبوں میں نئے منصوبوں کا اعلان کیا ہے جس کے تحت دیہی علاقوں میں بنیادی مراکز صحت کو اپ گریڈ کیا جائے گا۔ ترجمان کے مطابق ان منصوبوں پر کام کا آغاز رواں مالی سال میں کر دیا جائے گا اور اس کیلئے فنڈز بھی مختص کر دیے گئے ہیں۔ پولیس کے مطابق ملزمان کو گرفتار کر کے مقدمہ درج کر لیا گیا ہے اور مزید تفتیش جاری ہے۔ واقعے کے بعد علاقے میں سکیورٹی سخت کر دی گئی ہے جبکہ شہریوں نے انتظامیہ سے مطالبہ کیا ہے کہ جرائم کی روک تھام کیلئے موثر اقدامات کیے جائیں۔ الیکشن کمیشن نے ضمنی انتخابات کے شیڈول کا اعلان کر دیا ہے جس کے مطابق کاغذات نامزدگی 2025 کو جمع کرائے جا سکیں گے۔ امیدواروں کی حتمی فہرست جانچ پڑتال کے بعد جاری کی جائے گی اور پولنگ مقررہ تاریخ کو صبح آٹھ بجے سے شام پانچ بجے تک بلا تعطل جاری رہے گی۔
آج کی نشست میں وزیراعظم نے ملک کی معاشی صورتحال، توانائی کے شعبے میں اصلاحات اور عوامی ریلیف کے اقدامات کا تفصیلی جائزہ لیا اور متعلقہ حکام کو ہدایت کی کہ ترقیاتی منصوبوں کی بروقت تکمیل کو یقینی بنایا جائے تاکہ عوام کو ان کے ثمرات جلد از جلد پہنچ سکیں۔ اجلاس میں وفاقی وزراء، مشیران اور اعلیٰ سرکاری افسران نے شرکت کی۔ اسلام آباد ہائیکورٹ نے کیس کی سماعت کے دوران ریمارکس دیے کہ قانون سب کیلئے برابر ہے اور کسی کو بھی قانون سے بالاتر نہیں سمجھا جا سکتا۔ عدالت نے فریقین کو آئندہ سماعت پر مکمل ریکارڈ پیش کرنے کا حکم دیتے ہوئے سماعت ملتوی کر دی۔ درخواست گزار کے وکیل نے موقف اختیار کیا کہ ان کے موکل کے ساتھ ناانصافی ہوئی ہے۔ صوبائی حکومت نے صحت اور تعلیم کے شعبوں میں نئے منصوبوں کا اعلان کیا ہے جس کے تحت دیہی علاقوں میں بنیادی مراکز صحت کو اپ گریڈ کیا جائے گا۔ ترجمان کے مطابق ان منصوبوں پر کام کا آغاز رواں مالی سال میں کر دیا جائے گا اور اس کیلئے فنڈز بھی مختص کر دیے گئے ہیں۔
پولیس کے مطابق ملزمان کو گرفتار کر کے مقدمہ درج کر لیا گیا ہے اور مزید تفتیش جاری ہے۔ واقعے کے بعد علاقے میں سکیورٹی سخت کر دی گئی ہے جبکہ شہریوں نے انتظامیہ سے مطالبہ کیا ہے کہ جرائم کی روک تھام کیلئے موثر اقدامات کیے جائیں۔ الیکشن کمیشن نے ضمنی انتخابات کے شیڈول کا اعلان کر دیا ہے جس کے مطابق کاغذات نامزدگی 2025 کو جمع کرائے جا سکیں گے۔ امیدواروں کی حتمی فہرست جانچ پڑتال کے بعد جاری کی جائے گی اور پولنگ مقررہ تاریخ کو صبح آٹھ بجے سے شام پانچ بجے تک بلا تعطل جاری رہے گی۔
29	بقیہ
آج کی نشست میں وزیراعظم نے ملک کی معاشی صورتحال، توانائی کے شعبے میں اصلاحات اور عوامی ریلیف کے اقدامات کا تفصیلی جائزہ لیا اور متعلقہ حکام کو ہدایت کی کہ ترقیاتی منصوبوں کی بروقت تکمیل کو یقینی بنایا جائے تاکہ عوام کو ان کے ثمرات جلد از جلد پہنچ سکیں۔ اجلاس میں وفاقی وزراء، مشیران اور اعلیٰ سرکاری افسران نے شرکت کی۔ اسلام آباد ہائیکورٹ نے کیس کی سماعت کے دوران ریمارکس دیے کہ قانون سب کیلئے برابر ہے اور کسی کو بھی قانون سے بالاتر نہیں سمجھا جا سکتا۔ عدالت نے فریقین کو آئندہ سماعت پر مکمل ریکارڈ پیش کرنے کا حکم دیتے ہوئے سماعت ملتوی کر دی۔ درخواست گزار کے وکیل نے موقف اختیار کیا کہ ان کے موکل کے ساتھ ناانصافی ہوئی ہے۔
info@ihc.gov.pk
0313-6552827
صوبائی حکومت نے صحت اور تعلیم کے شعبوں میں نئے منصوبوں کا اعلان کیا ہے جس کے تحت دیہی علاقوں میں بنیادی مراکز صحت کو اپ گریڈ کیا جائے گا۔ ترجمان کے مطابق ان منصوبوں پر کام کا آغاز رواں مالی سال میں کر دیا جائے گا اور اس کیلئے فنڈز بھی مختص کر دیے گئے ہیں۔
30	بقیہ
پولیس کے مطابق ملزمان کو گرفتار کر کے مقدمہ درج کر لیا گیا ہے اور مزید تفتیش جاری ہے۔ واقعے کے بعد علاقے میں سکیورٹی سخت کر دی گئی ہے جبکہ شہریوں نے انتظامیہ سے مطالبہ کیا ہے کہ جرائم کی روک تھام کیلئے موثر اقدامات کیے جائیں۔ الیکشن کمیشن نے ضمنی انتخابات کے شیڈول کا اعلان کر دیا ہے جس کے مطابق کاغذات نامزدگی 2025 کو جمع کرائے جا سکیں گے۔ امیدواروں کی حتمی فہرست جانچ پڑتال کے بعد جاری کی جائے گی اور پولنگ مقررہ تاریخ کو صبح آٹھ بجے سے شام پانچ بجے تک بلا تعطل جاری رہے گی۔
31	بقیہ
آج کی نشست میں وزیراعظم نے ملک کی معاشی صورتحال، توانائی کے شعبے میں اصلاحات اور عوامی ریلیف کے اقدامات کا تفصیلی جائزہ لیا اور متعلقہ حکام کو ہدایت کی کہ ترقیاتی منصوبوں کی بروقت تکمیل کو یقینی بنایا جائے تاکہ عوام کو ان کے ثمرات جلد از جلد پہنچ سکیں۔ اجلاس میں وفاقی وزراء، مشیران اور اعلیٰ سرکاری افسران نے شرکت کی۔ اسلام آباد ہائیکورٹ نے کیس کی سماعت کے دوران ریمارکس دیے کہ قانون سب کیلئے برابر ہے اور کسی کو بھی قانون سے بالاتر نہیں سمجھا جا سکتا۔ عدالت نے فریقین کو آئندہ سماعت پر مکمل ریکارڈ پیش کرنے کا حکم دیتے ہوئے سماعت ملتوی کر دی۔ درخواست گزار کے وکیل نے موقف اختیار کیا کہ ان کے موکل کے ساتھ ناانصافی ہوئی ہے۔
32	بقیہ
صوبائی حکومت نے صحت اور تعلیم کے شعبوں میں نئے منصوبوں کا اعلان کیا ہے جس کے تحت دیہی علاقوں میں بنیادی مراکز صحت کو اپ گریڈ کیا جائے گا۔ ترجمان کے مطابق ان منصوبوں پر کام کا آغاز رواں مالی سال میں کر دیا جائے گا اور اس کیلئے فنڈز بھی مختص کر دیے گئے ہیں۔ پولیس کے مطابق ملزمان کو گرفتار کر کے مقدمہ درج کر لیا گیا ہے اور مزید تفتیش جاری ہے۔ واقعے کے بعد علاقے میں سکیورٹی سخت کر دی گئی ہے جبکہ شہریوں نے انتظامیہ سے مطالبہ کیا ہے کہ جرائم کی روک تھام کیلئے موثر اقدامات کیے جائیں۔
33	بقیہ
الیکشن کمیشن نے ضمنی انتخابات کے شیڈول کا اعلان کر دیا ہے جس کے مطابق کاغذات نامزدگی 2025 کو جمع کرائے جا سکیں گے۔ امیدواروں کی حتمی فہرست جانچ پڑتال کے بعد جاری کی جائے گی اور پولنگ مقررہ تاریخ کو صبح آٹھ بجے سے شام پانچ بجے تک بلا تعطل جاری رہے گی۔ آج کی نشست میں وزیراعظم نے ملک کی معاشی صورتحال، توانائی کے شعبے میں اصلاحات اور عوامی ریلیف کے اقدامات کا تفصیلی جائزہ لیا اور متعلقہ حکام کو ہدایت کی کہ ترقیاتی منصوبوں کی بروقت تکمیل کو یقینی بنایا جائے تاکہ عوام کو ان کے ثمرات جلد از جلد پہنچ سکیں۔ اجلاس میں وفاقی وزراء، مشیران اور اعلیٰ سرکاری افسران نے شرکت کی۔
34	بقیہ
اسلام آباد ہائیکورٹ نے کیس کی سماعت کے دوران ریمارکس دیے کہ قانون سب کیلئے برابر ہے اور کسی کو بھی قانون سے بالاتر نہیں سمجھا جا سکتا۔ عدالت نے فریقین کو آئندہ سماعت پر مکمل ریکارڈ پیش کرنے کا حکم دیتے ہوئے سماعت ملتوی کر دی۔ درخواست گزار کے وکیل نے موقف اختیار کیا کہ ان کے موکل کے ساتھ ناانصافی ہوئی ہے۔ صوبائی حکومت نے صحت اور تعلیم کے شعبوں میں نئے منصوبوں کا اعلان کیا ہے جس کے تحت دیہی علاقوں میں بنیادی مراکز صحت کو اپ گریڈ کیا جائے گا۔ ترجمان کے مطابق ان منصوبوں پر کام کا آغاز رواں مالی سال میں کر دیا جائے گا اور اس کیلئے فنڈز بھی مختص کر دیے گئے ہیں۔
35	بقیہ
پولیس کے مطابق ملزمان کو گرفتار کر کے مقدمہ درج کر لیا گیا ہے اور مزید تفتیش جاری ہے۔ واقعے کے بعد علاقے میں سکیورٹی سخت کر دی گئی ہے جبکہ شہریوں نے انتظامیہ سے مطالبہ کیا ہے کہ جرائم کی روک تھام کیلئے موثر اقدامات کیے جائیں۔ الیکشن کمیشن نے ضمنی انتخابات کے شیڈول کا اعلان کر دیا ہے جس کے مطابق کاغذات نامزدگی 2025 کو جمع کرائے جا سکیں گے۔ امیدواروں کی حتمی فہرست جانچ پڑتال کے بعد جاری کی جائے گی اور پولنگ مقررہ تاریخ کو صبح آٹھ بجے سے شام پانچ بجے تک بلا تعطل جاری رہے گی۔
آج کی نشست میں وزیراعظم نے ملک کی معاشی صورتحال، توانائی کے شعبے میں اصلاحات اور عوامی ریلیف کے اقدامات کا تفصیلی جائزہ لیا اور متعلقہ حکام کو ہدایت کی کہ ترقیاتی منصوبوں کی بروقت تکمیل کو یقینی بنایا جائے تاکہ عوام کو ان کے ثمرات جلد از جلد پہنچ سکیں۔ اجلاس میں وفاقی وزراء، مشیران اور اعلیٰ سرکاری افسران نے شرکت کی۔ اسلام آباد ہائیکورٹ نے کیس کی سماعت کے دوران ریمارکس دیے کہ قانون سب کیلئے برابر ہے اور کسی کو بھی قانون سے بالاتر نہیں سمجھا جا سکتا۔ عدالت نے فریقین کو آئندہ سماعت پر مکمل ریکارڈ پیش کرنے کا حکم دیتے ہوئے سماعت ملتوی کر دی۔ درخواست گزار کے وکیل نے موقف اختیار کیا کہ ان کے موکل کے ساتھ ناانصافی ہوئی ہے۔ صوبائی حکومت نے صحت اور تعلیم کے شعبوں میں نئے منصوبوں کا اعلان کیا ہے جس کے تحت دیہی علاقوں میں بنیادی مراکز صحت کو اپ گریڈ کیا جائے گا۔ ترجمان کے مطابق ان منصوبوں پر کام کا آغاز رواں مالی سال میں کر دیا جائے گا اور اس کیلئے فنڈز بھی مختص کر دیے گئے ہیں۔
پولیس کے مطابق ملزمان کو گرفتار کر کے مقدمہ درج کر لیا گیا ہے اور مزید تفتیش جاری ہے۔ واقعے کے بعد علاقے میں سکیورٹی سخت کر دی گئی ہے جبکہ شہریوں نے انتظامیہ سے مطالبہ کیا ہے کہ جرائم کی روک تھام کیلئے موثر اقدامات کیے جائیں۔ الیکشن کمیشن نے ضمنی انتخابات کے شیڈول کا اعلان کر دیا ہے جس کے مطابق کاغذات نامزدگی 2025 کو جمع کرائے جا سکیں گے۔ امیدواروں کی حتمی فہرست جانچ پڑتال کے بعد جاری کی جائے گی اور پولنگ مقررہ تاریخ کو صبح آٹھ بجے سے شام پانچ بجے تک بلا تعطل جاری رہے گی۔
36	بقیہ
آج کی نشست میں وزیراعظم نے ملک کی معاشی صورتحال، توانائی کے شعبے میں اصلاحات اور عوامی ریلیف کے اقدامات کا تفصیلی جائزہ لیا اور متعلقہ حکام کو ہدایت کی کہ ترقیاتی منصوبوں کی بروقت تکمیل کو یقینی بنایا جائے تاکہ عوام کو ان کے ثمرات جلد از جلد پہنچ سکیں۔ اجلاس میں وفاقی وزراء، مشیران اور اعلیٰ سرکاری افسران نے شرکت کی۔ اسلام آباد ہائیکورٹ نے کیس کی سماعت کے دوران ریمارکس دیے کہ قانون سب کیلئے برابر ہے اور کسی کو بھی قانون سے بالاتر نہیں سمجھا جا سکتا۔ عدالت نے فریقین کو آئندہ سماعت پر مکمل ریکارڈ پیش کرنے کا حکم دیتے ہوئے سماعت ملتوی کر دی۔ درخواست گزار کے وکیل نے موقف اختیار کیا کہ ان کے موکل کے ساتھ ناانصافی ہوئی ہے۔
37	بقیہ
صوبائی حکومت نے صحت اور تعلیم کے شعبوں میں نئے منصوبوں کا اعلان کیا ہے جس کے تحت دیہی علاقوں میں بنیادی مراکز صحت کو اپ گریڈ کیا جائے گا۔ ترجمان کے مطابق ان منصوبوں پر کام کا آغاز رواں مالی سال میں کر دیا جائے گا اور اس کیلئے فنڈز بھی مختص کر دیے گئے ہیں۔ پولیس کے مطابق ملزمان کو گرفتار کر کے مقدمہ درج کر لیا گیا ہے اور مزید تفتیش جاری ہے۔ واقعے کے بعد علاقے میں سکیورٹی سخت کر دی گئی ہے جبکہ شہریوں نے انتظامیہ سے مطالبہ کیا ہے کہ جرائم کی روک تھام کیلئے موثر اقدامات کیے جائیں۔
38	بقیہ
الیکشن کمیشن نے ضمنی انتخابات کے شیڈول کا اعلان کر دیا ہے جس کے مطابق کاغذات نامزدگی 2025 کو جمع کرائے جا سکیں گے۔ امیدواروں کی حتمی فہرست جانچ پڑتال کے بعد جاری کی جائے گی اور پولنگ مقررہ تاریخ کو صبح آٹھ بجے سے شام پانچ بجے تک بلا تعطل جاری رہے گی۔ آج کی نشست میں وزیراعظم نے ملک کی معاشی صورتحال، توانائی کے شعبے میں اصلاحات اور عوامی ریلیف کے اقدامات کا تفصیلی جائزہ لیا اور متعلقہ حکام کو ہدایت کی کہ ترقیاتی منصوبوں کی بروقت تکمیل کو یقینی بنایا جائے تاکہ عوام کو ان کے ثمرات جلد از جلد پہنچ سکیں۔ اجلاس میں وفاقی وزراء، مشیران اور اعلیٰ سرکاری افسران نے شرکت کی۔
39	بقیہ
اسلام آباد ہائیکورٹ نے کیس کی سماعت کے دوران ریمارکس دیے کہ قانون سب کیلئے برابر ہے اور کسی کو بھی قانون سے بالاتر نہیں سمجھا جا سکتا۔ عدالت نے فریقین کو آئندہ سماعت پر مکمل ریکارڈ پیش کرنے کا حکم دیتے ہوئے سماعت ملتوی کر دی۔ درخواست گزار کے وکیل نے موقف اختیار کیا کہ ان کے موکل کے ساتھ ناانصافی ہوئی ہے۔ صوبائی حکومت نے صحت اور تعلیم کے شعبوں میں نئے منصوبوں کا اعلان کیا ہے جس کے تحت دیہی علاقوں میں بنیادی مراکز صحت کو اپ گریڈ کیا جائے گا۔ ترجمان کے مطابق ان منصوبوں پر کام کا آغاز رواں مالی سال میں کر دیا جائے گا اور اس کیلئے فنڈز بھی مختص کر دیے گئے ہیں۔
Alpha 3 Cubic Zettabyte (Steer Lucid) Nexilium (Crest VPN) Vision Tech (Conic Solutions) Tech 360 (QuiXure VPN) (Kryptonyme VPN)
پولیس کے مطابق ملزمان کو گرفتار کر کے مقدمہ درج کر لیا گیا ہے اور مزید تفتیش جاری ہے۔ واقعے کے بعد علاقے میں سکیورٹی سخت کر دی گئی ہے جبکہ شہریوں نے انتظامیہ سے مطالبہ کیا ہے کہ جرائم کی روک تھام کیلئے موثر اقدامات کیے جائیں۔
40	بقیہ
الیکشن کمیشن نے ضمنی انتخابات کے شیڈول کا اعلان کر دیا ہے جس کے مطابق کاغذات نامزدگی 2025 کو جمع کرائے جا سکیں گے۔ امیدواروں کی حتمی فہرست جانچ پڑتال کے بعد جاری کی جائے گی اور پولنگ مقررہ تاریخ کو صبح آٹھ بجے سے شام پانچ بجے تک بلا تعطل جاری رہے گی۔ آج کی نشست میں وزیراعظم نے ملک کی معاشی صورتحال، توانائی کے شعبے میں اصلاحات اور عوامی ریلیف کے اقدامات کا تفصیلی جائزہ لیا اور متعلقہ حکام کو ہدایت کی کہ ترقیاتی منصوبوں کی بروقت تکمیل کو یقینی بنایا جائے تاکہ عوام کو ان کے ثمرات جلد از جلد پہنچ سکیں۔ اجلاس میں وفاقی وزراء، مشیران اور اعلیٰ سرکاری افسران نے شرکت کی۔
41	بقیہ
اسلام آباد ہائیکورٹ نے کیس کی سماعت کے دوران ریمارکس دیے کہ قانون سب کیلئے برابر ہے اور کسی کو بھی قانون سے بالاتر نہیں سمجھا جا سکتا۔ عدالت نے فریقین کو آئندہ سماعت پر مکمل ریکارڈ پیش کرنے کا حکم دیتے ہوئے سماعت ملتوی کر دی۔ درخواست گزار کے وکیل نے موقف اختیار کیا کہ ان کے موکل کے ساتھ ناانصافی ہوئی ہے۔ صوبائی حکومت نے صحت اور تعلیم کے شعبوں میں نئے منصوبوں کا اعلان کیا ہے جس کے تحت دیہی علاقوں میں بنیادی مراکز صحت کو اپ گریڈ کیا جائے گا۔ ترجمان کے مطابق ان منصوبوں پر کام کا آغاز رواں مالی سال میں کر دیا جائے گا اور اس کیلئے فنڈز بھی مختص کر دیے گئے ہیں۔
42	بقیہ
پولیس کے مطابق ملزمان کو گرفتار کر کے مقدمہ درج کر لیا گیا ہے اور مزید تفتیش جاری ہے۔ واقعے کے بعد علاقے میں سکیورٹی سخت کر دی گئی ہے جبکہ شہریوں نے انتظامیہ سے مطالبہ کیا ہے کہ جرائم کی روک تھام کیلئے موثر اقدامات کیے جائیں۔ الیکشن کمیشن نے ضمنی انتخابات کے شیڈول کا اعلان کر دیا ہے جس کے مطابق کاغذات نامزدگی 2025 کو جمع کرائے جا سکیں گے۔ امیدواروں کی حتمی فہرست جانچ پڑتال کے بعد جاری کی جائے گی اور پولنگ مقررہ تاریخ کو صبح آٹھ بجے سے شام پانچ بجے تک بلا تعطل جاری رہے گی۔
آج کی نشست میں وزیراعظم نے ملک کی معاشی صورتحال، توانائی کے شعبے میں اصلاحات اور عوامی ریلیف کے اقدامات کا تفصیلی جائزہ لیا اور متعلقہ حکام کو ہدایت کی کہ ترقیاتی منصوبوں کی بروقت تکمیل کو یقینی بنایا جائے تاکہ عوام کو ان کے ثمرات جلد از جلد پہنچ سکیں۔ اجلاس میں وفاقی وزراء، مشیران اور اعلیٰ سرکاری افسران نے شرکت کی۔ اسلام آباد ہائیکورٹ نے کیس کی سماعت کے دوران ریمارکس دیے کہ قانون سب کیلئے برابر ہے اور کسی کو بھی قانون سے بالاتر نہیں سمجھا جا سکتا۔ عدالت نے فریقین کو آئندہ سماعت پر مکمل ریکارڈ پیش کرنے کا حکم دیتے ہوئے سماعت ملتوی کر دی۔ درخواست گزار کے وکیل نے موقف اختیار کیا کہ ان کے موکل کے ساتھ ناانصافی ہوئی ہے۔ صوبائی حکومت نے صحت اور تعلیم کے شعبوں میں نئے منصوبوں کا اعلان کیا ہے جس کے تحت دیہی علاقوں میں بنیادی مراکز صحت کو اپ گریڈ کیا جائے گا۔ ترجمان کے مطابق ان منصوبوں پر کام کا آغاز رواں مالی سال میں کر دیا جائے گا اور اس کیلئے فنڈز بھی مختص کر دیے گئے ہیں۔
پولیس کے مطابق ملزمان کو گرفتار کر کے مقدمہ درج کر لیا گیا ہے اور مزید تفتیش جاری ہے۔ واقعے کے بعد علاقے میں سکیورٹی سخت کر دی گئی ہے جبکہ شہریوں نے انتظامیہ سے مطالبہ کیا ہے کہ جرائم کی روک تھام کیلئے موثر اقدامات کیے جائیں۔ الیکشن کمیشن نے ضمنی انتخابات کے شیڈول کا اعلان کر دیا ہے جس کے مطابق کاغذات نامزدگی 2025 کو جمع کرائے جا سکیں گے۔ امیدواروں کی حتمی فہرست جانچ پڑتال کے بعد جاری کی جائے گی اور پولنگ مقررہ تاریخ کو صبح آٹھ بجے سے شام پانچ بجے تک بلا تعطل جاری رہے گی۔ آج کی نشست میں وزیراعظم نے ملک کی معاشی صورتحال، توانائی کے شعبے میں اصلاحات اور عوامی ریلیف کے اقدامات کا تفصیلی جائزہ لیا اور متعلقہ حکام کو ہدایت کی کہ ترقیاتی منصوبوں کی بروقت تکمیل کو یقینی بنایا جائے تاکہ عوام کو ان کے ثمرات جلد از جلد پہنچ سکیں۔ اجلاس میں وفاقی وزراء، مشیران اور اعلیٰ سرکاری افسران نے شرکت کی۔ اسلام آباد ہائیکورٹ نے کیس کی سماعت کے دوران ریمارکس دیے کہ قانون سب کیلئے برابر ہے اور کسی کو بھی قانون سے بالاتر نہیں سمجھا جا سکتا۔ عدالت نے فریقین کو آئندہ سماعت پر مکمل ریکارڈ پیش کرنے کا حکم دیتے ہوئے سماعت ملتوی کر دی۔ درخواست گزار کے وکیل نے موقف اختیار کیا کہ ان کے موکل کے ساتھ ناانصافی ہوئی ہے۔ صوبائی حکومت نے صحت اور تعلیم کے شعبوں میں نئے منصوبوں کا اعلان کیا ہے جس کے تحت دیہی علاقوں میں بنیادی مراکز صحت کو اپ گریڈ کیا جائے گا۔ ترجمان کے مطابق ان منصوبوں پر کام کا آغاز رواں مالی سال میں کر دیا جائے گا اور اس کیلئے فنڈز بھی مختص کر دیے گئے ہیں۔ پولیس کے مطابق ملزمان کو گرفتار کر کے مقدمہ درج کر لیا گیا ہے اور مزید تفتیش جاری ہے۔ واقعے کے بعد علاقے میں سکیورٹی سخت کر دی گئی ہے جبکہ شہریوں نے انتظامیہ سے مطالبہ کیا ہے کہ جرائم کی روک تھام کیلئے موثر اقدامات کیے جائیں۔ الیکشن کمیشن نے ضمنی انتخابات کے شیڈول کا اعلان کر دیا ہے جس کے مطابق کاغذات نامزدگی 2025 کو جمع کرائے جا سکیں گے۔ امیدواروں کی حتمی فہرست جانچ پڑتال کے بعد جاری کی جائے گی اور پولنگ مقررہ تاریخ کو صبح آٹھ بجے سے شام پانچ بجے تک بلا تعطل جاری رہے گی۔ آج کی نشست میں وزیراعظم نے ملک کی معاشی صورتحال، توانائی کے شعبے میں اصلاحات اور عوامی ریلیف کے اقدامات کا تفصیلی جائزہ لیا اور متعلقہ حکام کو ہدایت کی کہ ترقیاتی منصوبوں کی بروقت تکمیل کو یقینی بنایا جائے تاکہ عوام کو ان کے ثمرات جلد از جلد پہنچ سکیں۔ اجلاس میں وفاقی وزراء، مشیران اور اعلیٰ سرکاری افسران نے شرکت کی۔ اسلام آباد ہائیکورٹ نے کیس کی سماعت کے دوران ریمارکس دیے کہ قانون سب کیلئے برابر ہے اور کسی کو بھی قانون سے بالاتر نہیں سمجھا جا سکتا۔ عدالت نے فریقین کو آئندہ سماعت پر مکمل ریکارڈ پیش کرنے کا حکم دیتے ہوئے سماعت ملتوی کر دی۔ درخواست گزار کے وکیل نے موقف اختیار کیا کہ ان کے موکل کے ساتھ ناانصافی ہوئی ہے۔ صوبائی حکومت نے صحت اور تعلیم کے شعبوں میں نئے منصوبوں کا اعلان کیا ہے جس کے تحت دیہی علاقوں میں بنیادی مراکز صحت کو اپ گریڈ کیا جائے گا۔ ترجمان کے مطابق ان منصوبوں پر کام کا آغاز رواں مالی سال میں کر دیا جائے گا اور اس کیلئے فنڈز بھی مختص کر دیے گئے ہیں۔ پولیس کے مطابق ملزمان کو گرفتار کر کے مقدمہ درج کر لیا گیا ہے اور مزید تفتیش جاری ہے۔ واقعے کے بعد علاقے میں سکیورٹی سخت کر دی گئی ہے جبکہ شہریوں نے انتظامیہ سے مطالبہ کیا ہے کہ جرائم کی روک تھام کیلئے موثر اقدامات کیے جائیں۔ الیکشن کمیشن نے ضمنی انتخابات کے شیڈول کا اعلان کر دیا ہے جس کے مطابق کاغذات نامزدگی 2025 کو جمع کرائے جا سکیں گے۔ امیدواروں کی حتمی فہرست جانچ پڑتال کے بعد جاری کی جائے گی اور پولنگ مقررہ تاریخ کو صبح آٹھ بجے سے شام پانچ بجے تک بلا تعطل جاری رہے گی۔ آج کی نشست میں وزیراعظم نے ملک کی معاشی صورتحال، توانائی کے شعبے میں اصلاحات اور عوامی ریلیف کے اقدامات کا تفصیلی جائزہ لیا اور متعلقہ حکام کو ہدایت کی کہ ترقیاتی منصوبوں کی بروقت تکمیل کو یقینی بنایا جائے تاکہ عوام کو ان کے ثمرات جلد از جلد پہنچ سکیں۔ اجلاس میں وفاقی وزراء، مشیران اور اعلیٰ سرکاری افسران نے شرکت کی۔ اسلام آباد ہائیکورٹ نے کیس کی سماعت کے دوران ریمارکس دیے کہ قانون سب کیلئے برابر ہے اور کسی کو بھی قانون سے بالاتر نہیں سمجھا جا سکتا۔ عدالت نے فریقین کو آئندہ سماعت پر مکمل ریکارڈ پیش کرنے کا حکم دیتے ہوئے سماعت ملتوی کر دی۔ درخواست گزار کے وکیل نے موقف اختیار کیا کہ ان کے موکل کے ساتھ ناانصافی ہوئی ہے۔
